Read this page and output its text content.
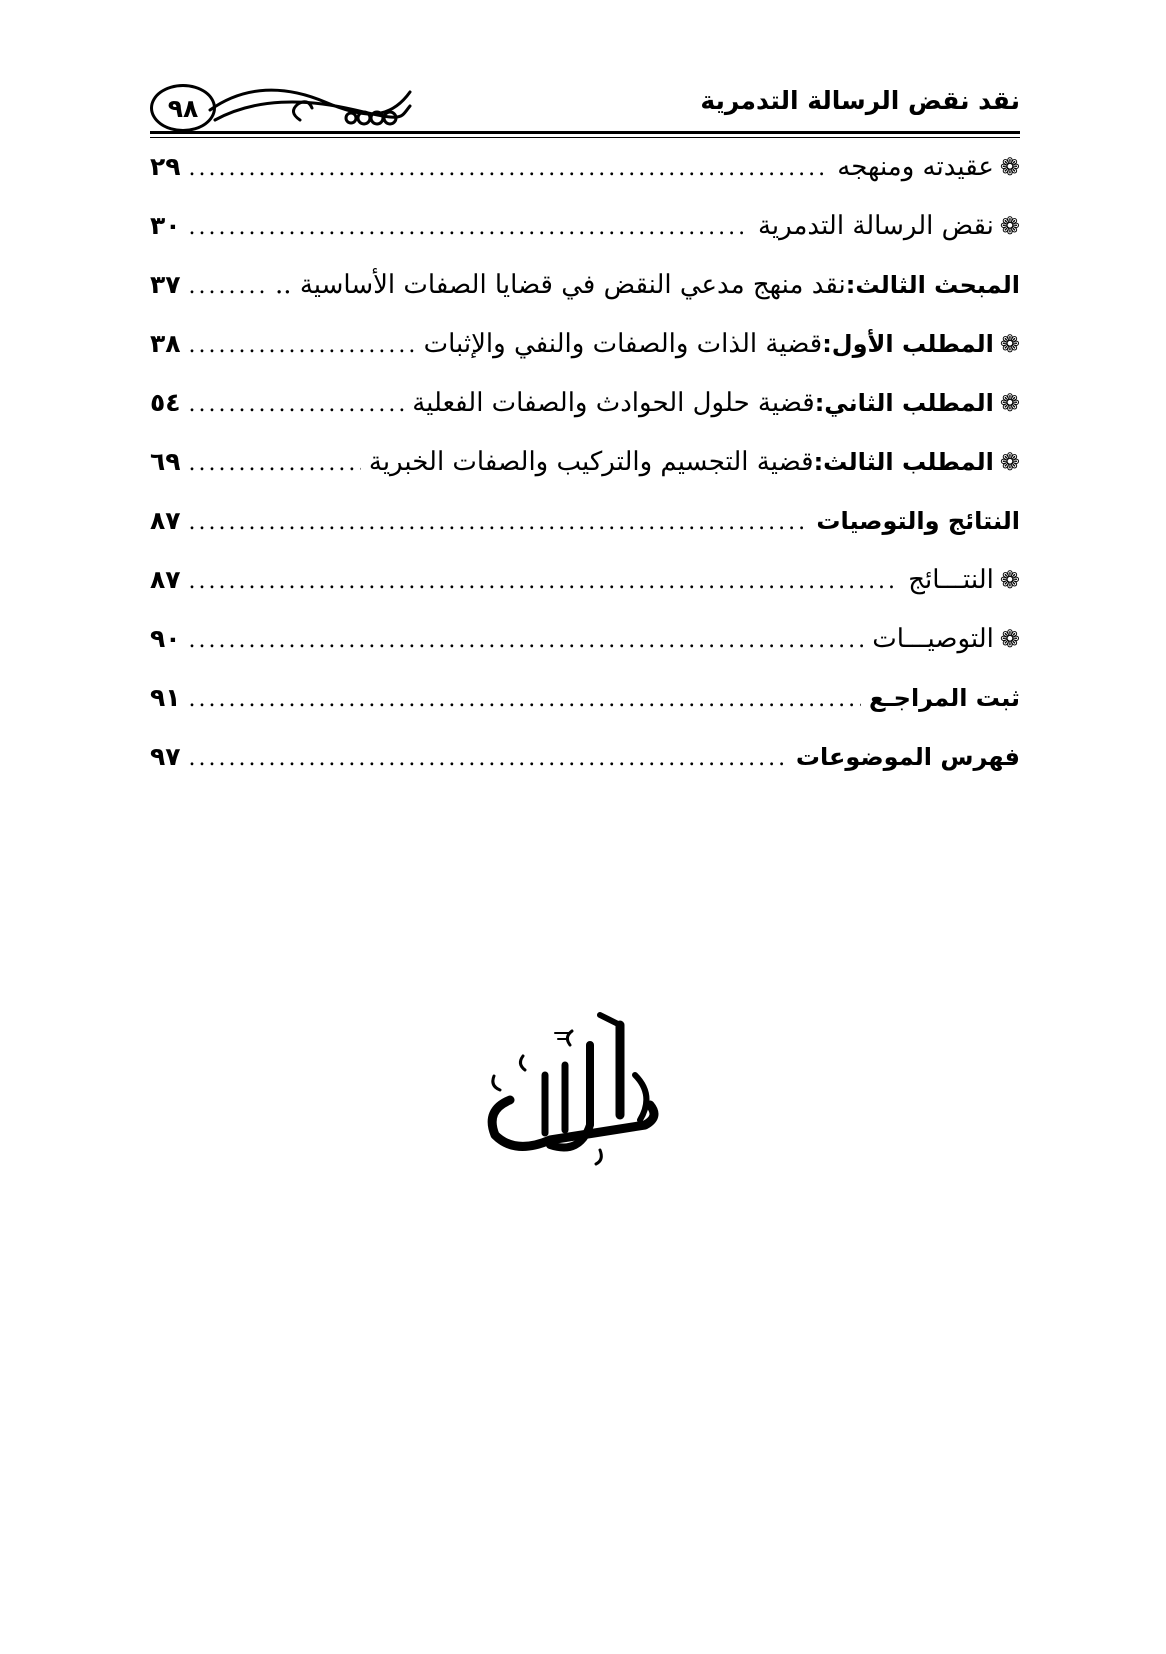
٩٨	نقد نقض الرسالة التدمرية
❁
عقيدته ومنهجه
.....
٢٩
❁
نقض الرسالة التدمرية
.....
٣٠
المبحث الثالث:
نقد منهج مدعي النقض في قضايا الصفات الأساسية ..
.....
٣٧
❁
المطلب الأول:
قضية الذات والصفات والنفي والإثبات
.....
٣٨
❁
المطلب الثاني:
قضية حلول الحوادث والصفات الفعلية
.....
٥٤
❁
المطلب الثالث:
قضية التجسيم والتركيب والصفات الخبرية
.....
٦٩
النتائج والتوصيات
.....
٨٧
❁
النتـــائج
.....
٨٧
❁
التوصيـــات
.....
٩٠
ثبت المراجـع
.....
٩١
فهرس الموضوعات
.....
٩٧
